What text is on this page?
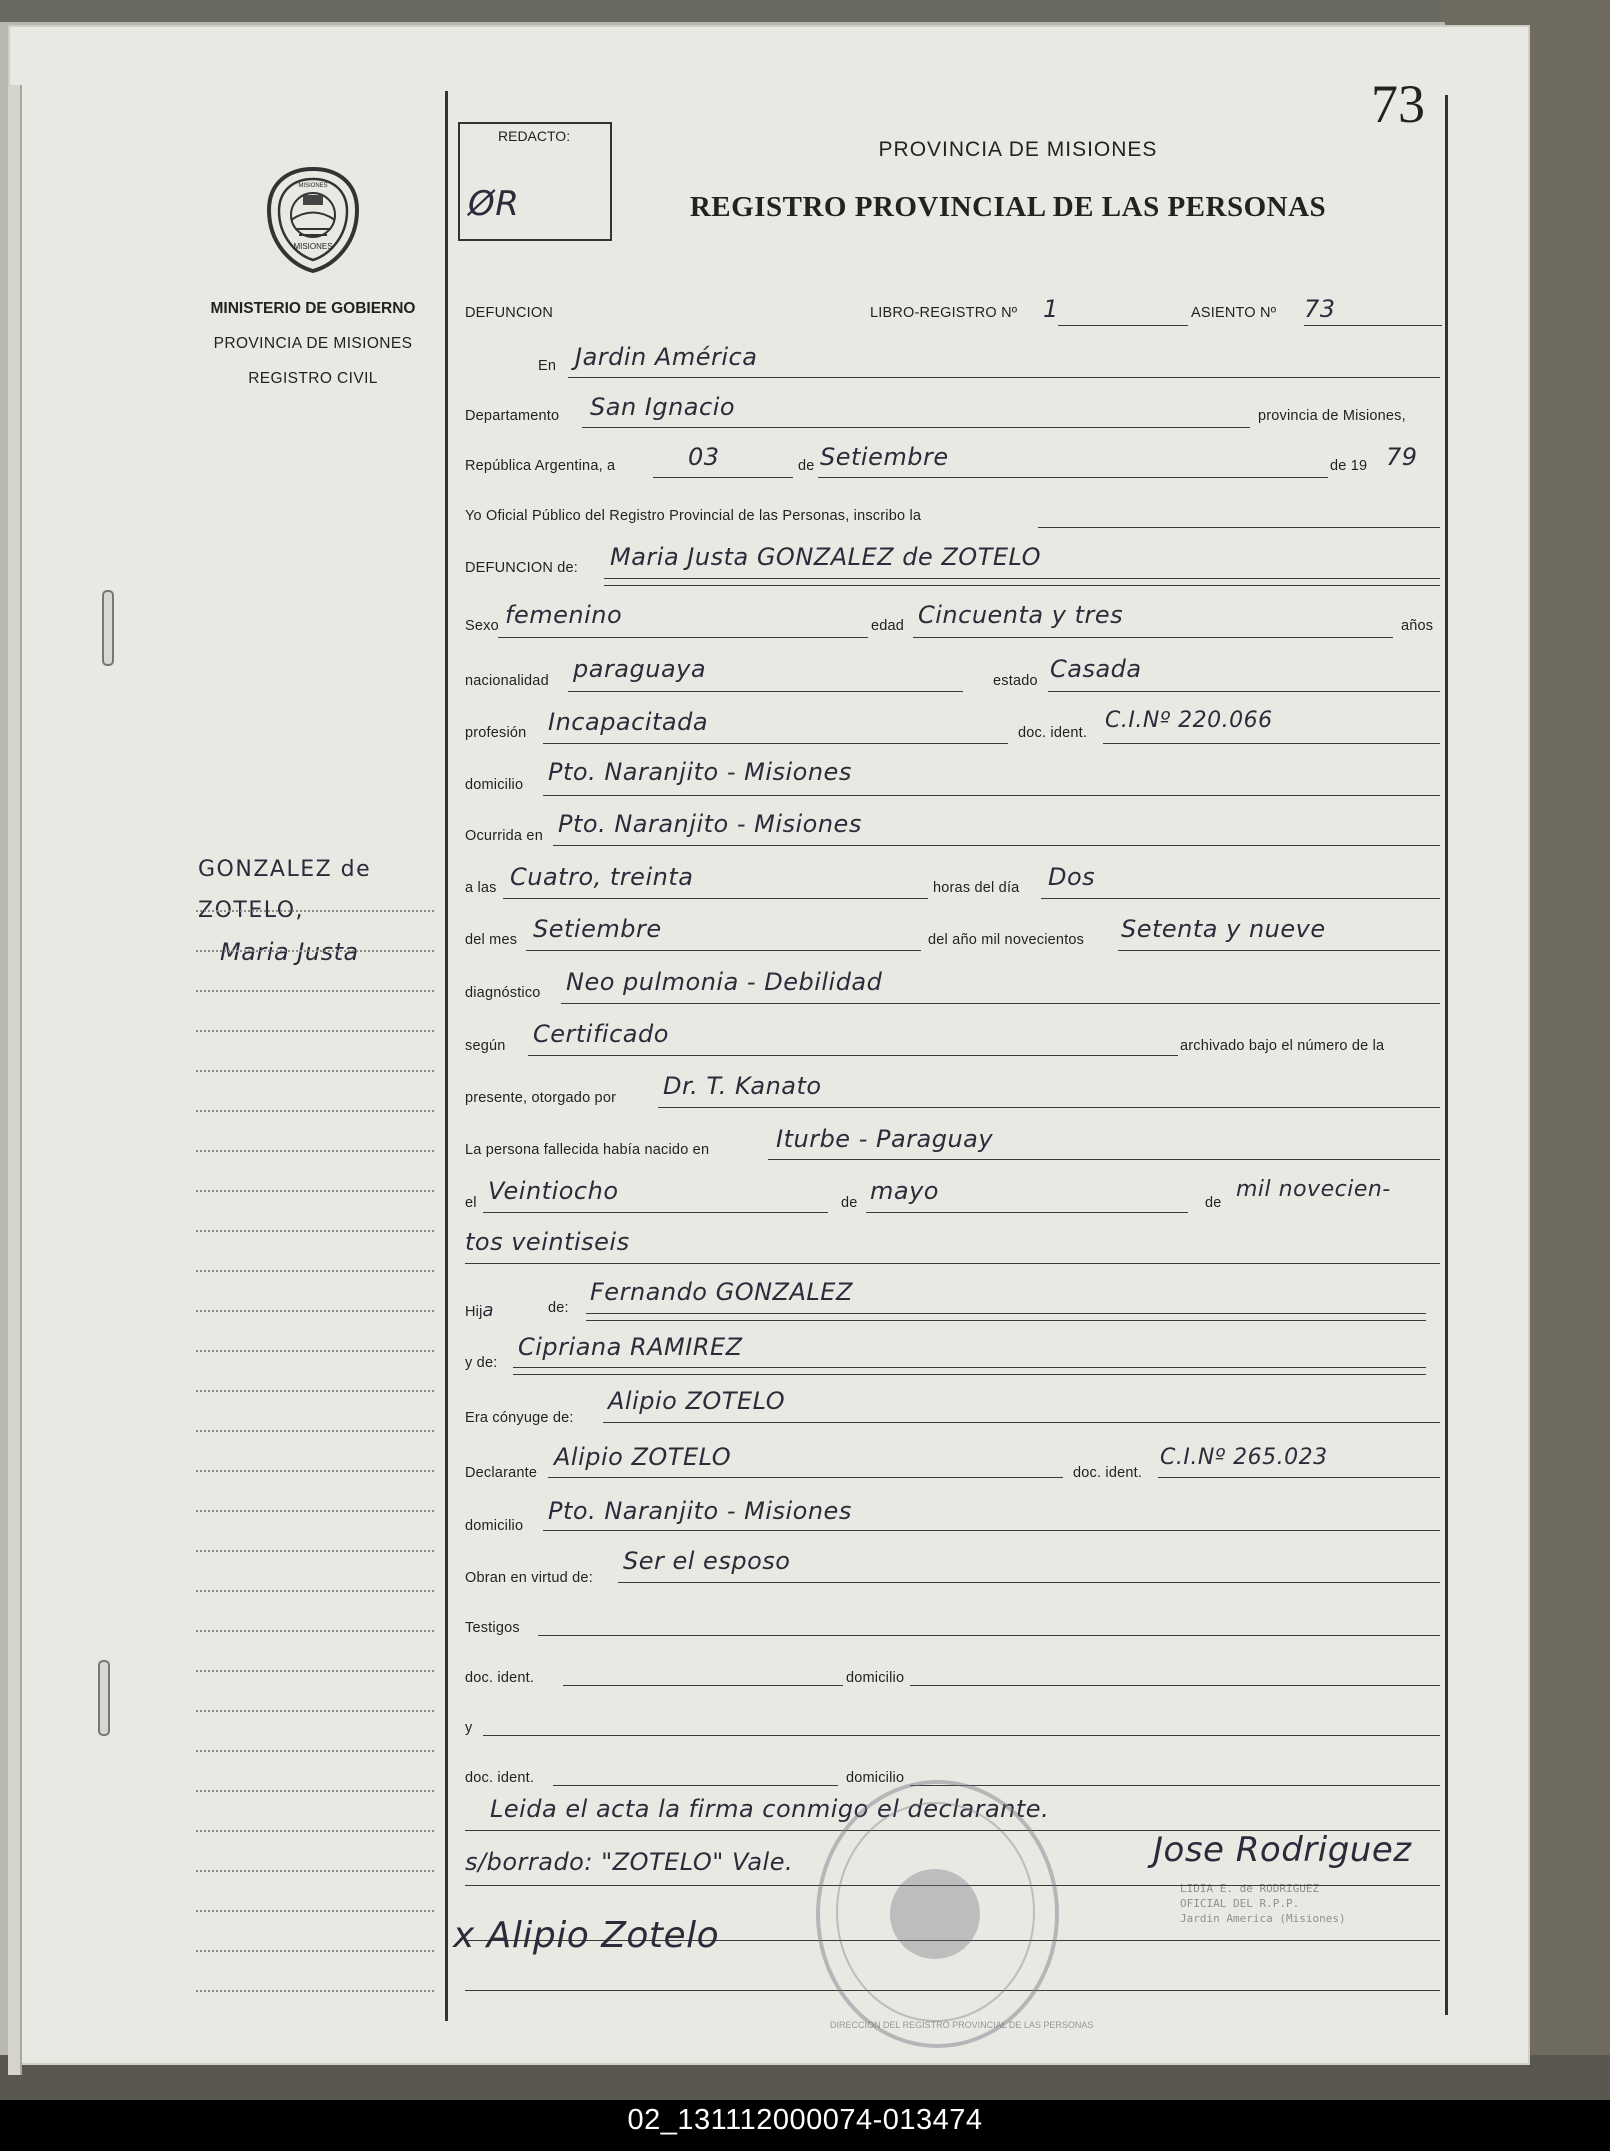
73
REDACTO:
ØR
PROVINCIA DE MISIONES
REGISTRO PROVINCIAL DE LAS PERSONAS
MISIONES
MISIONES
MINISTERIO DE GOBIERNO
PROVINCIA DE MISIONES
REGISTRO CIVIL
GONZALEZ de
ZOTELO,
Maria Justa
DEFUNCION	LIBRO-REGISTRO Nº 1	ASIENTO Nº 73
En Jardin América
Departamento San Ignacio	provincia de Misiones,
República Argentina, a	03	de Setiembre	de 19 79
Yo Oficial Público del Registro Provincial de las Personas, inscribo la
DEFUNCION de: Maria Justa GONZALEZ de ZOTELO
Sexo femenino	edad Cincuenta y tres	años
nacionalidad paraguaya	estado Casada
profesión Incapacitada	doc. ident. C.I.Nº 220.066
domicilio Pto. Naranjito - Misiones
Ocurrida en Pto. Naranjito - Misiones
a las Cuatro, treinta	horas del día Dos
del mes Setiembre	del año mil novecientos Setenta y nueve
diagnóstico Neo pulmonia - Debilidad
según Certificado	archivado bajo el número de la
presente, otorgado por Dr. T. Kanato
La persona fallecida había nacido en	Iturbe - Paraguay
el Veintiocho	de mayo	de
mil novecien-
tos veintiseis
Hija	de:
Fernando GONZALEZ
y de:
Cipriana RAMIREZ
Era cónyuge de:
Alipio ZOTELO
Declarante
Alipio ZOTELO
doc. ident.
C.I.Nº 265.023
domicilio
Pto. Naranjito - Misiones
Obran en virtud de:
Ser el esposo
Testigos
doc. ident.	domicilio
y
doc. ident.	domicilio
Leida el acta la firma conmigo el declarante.
s/borrado: "ZOTELO" Vale.
x Alipio Zotelo
DIRECCION DEL REGISTRO PROVINCIAL DE LAS PERSONAS
Jose Rodriguez
LIDIA E. de RODRIGUEZ
OFICIAL DEL R.P.P.
Jardin America (Misiones)
02_131112000074-013474
